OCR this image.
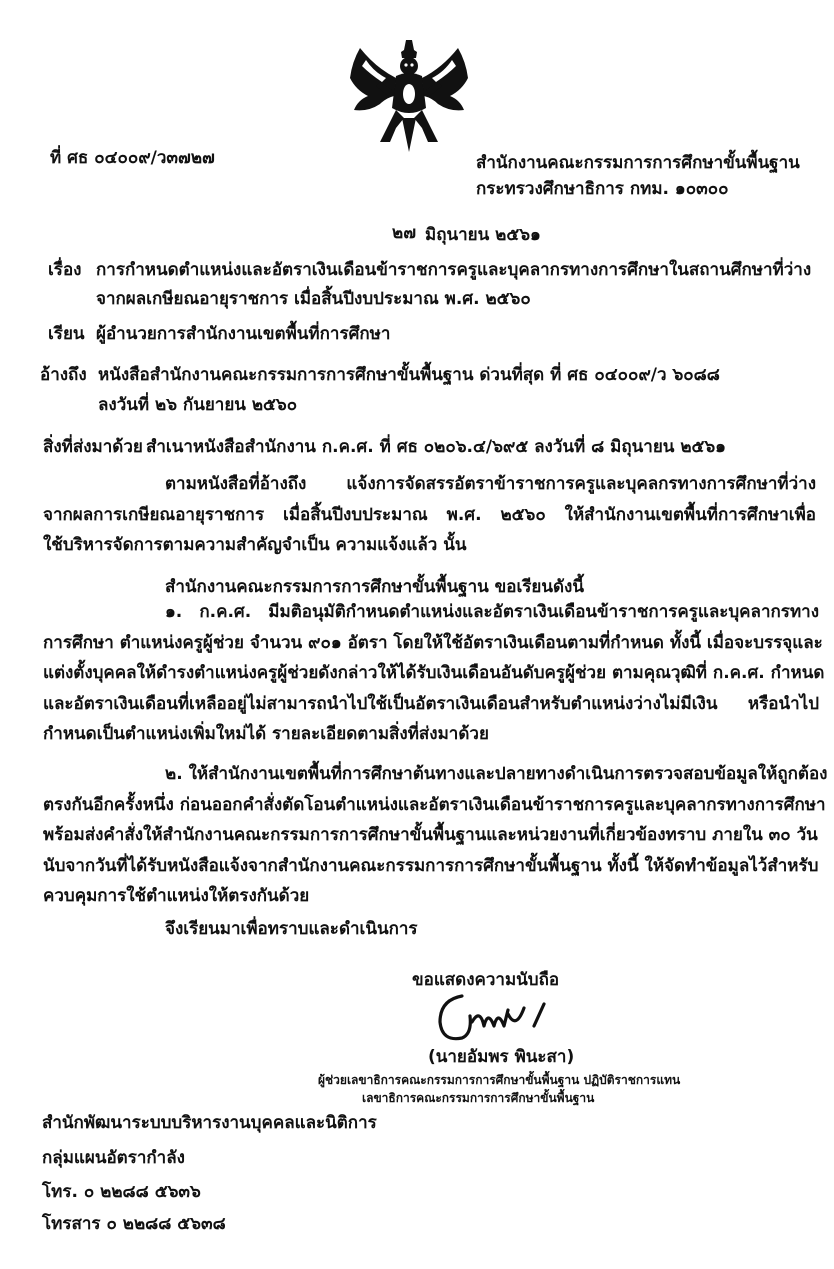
ที่ ศธ ๐๔๐๐๙/ว๓๗๒๗	สำนักงานคณะกรรมการการศึกษาขั้นพื้นฐาน
กระทรวงศึกษาธิการ กทม. ๑๐๓๐๐
๒๗ มิถุนายน ๒๕๖๑
เรื่อง การกำหนดตำแหน่งและอัตราเงินเดือนข้าราชการครูและบุคลากรทางการศึกษาในสถานศึกษาที่ว่าง
จากผลเกษียณอายุราชการ เมื่อสิ้นปีงบประมาณ พ.ศ. ๒๕๖๐
เรียน ผู้อำนวยการสำนักงานเขตพื้นที่การศึกษา
อ้างถึง หนังสือสำนักงานคณะกรรมการการศึกษาขั้นพื้นฐาน ด่วนที่สุด ที่ ศธ ๐๔๐๐๙/ว ๖๐๘๘
ลงวันที่ ๒๖ กันยายน ๒๕๖๐
สิ่งที่ส่งมาด้วย สำเนาหนังสือสำนักงาน ก.ค.ศ. ที่ ศธ ๐๒๐๖.๔/๖๙๕ ลงวันที่ ๘ มิถุนายน ๒๕๖๑
ตามหนังสือที่อ้างถึง แจ้งการจัดสรรอัตราข้าราชการครูและบุคลกรทางการศึกษาที่ว่าง
จากผลการเกษียณอายุราชการ เมื่อสิ้นปีงบประมาณ พ.ศ. ๒๕๖๐ ให้สำนักงานเขตพื้นที่การศึกษาเพื่อ
ใช้บริหารจัดการตามความสำคัญจำเป็น ความแจ้งแล้ว นั้น
สำนักงานคณะกรรมการการศึกษาขั้นพื้นฐาน ขอเรียนดังนี้
๑. ก.ค.ศ. มีมติอนุมัติกำหนดตำแหน่งและอัตราเงินเดือนข้าราชการครูและบุคลากรทาง
การศึกษา ตำแหน่งครูผู้ช่วย จำนวน ๙๐๑ อัตรา โดยให้ใช้อัตราเงินเดือนตามที่กำหนด ทั้งนี้ เมื่อจะบรรจุและ
แต่งตั้งบุคคลให้ดำรงตำแหน่งครูผู้ช่วยดังกล่าวให้ได้รับเงินเดือนอันดับครูผู้ช่วย ตามคุณวุฒิที่ ก.ค.ศ. กำหนด
และอัตราเงินเดือนที่เหลืออยู่ไม่สามารถนำไปใช้เป็นอัตราเงินเดือนสำหรับตำแหน่งว่างไม่มีเงิน หรือนำไป
กำหนดเป็นตำแหน่งเพิ่มใหม่ได้ รายละเอียดตามสิ่งที่ส่งมาด้วย
๒. ให้สำนักงานเขตพื้นที่การศึกษาต้นทางและปลายทางดำเนินการตรวจสอบข้อมูลให้ถูกต้อง
ตรงกันอีกครั้งหนึ่ง ก่อนออกคำสั่งตัดโอนตำแหน่งและอัตราเงินเดือนข้าราชการครูและบุคลากรทางการศึกษา
พร้อมส่งคำสั่งให้สำนักงานคณะกรรมการการศึกษาขั้นพื้นฐานและหน่วยงานที่เกี่ยวข้องทราบ ภายใน ๓๐ วัน
นับจากวันที่ได้รับหนังสือแจ้งจากสำนักงานคณะกรรมการการศึกษาขั้นพื้นฐาน ทั้งนี้ ให้จัดทำข้อมูลไว้สำหรับ
ควบคุมการใช้ตำแหน่งให้ตรงกันด้วย
จึงเรียนมาเพื่อทราบและดำเนินการ
ขอแสดงความนับถือ
(นายอัมพร พินะสา)
ผู้ช่วยเลขาธิการคณะกรรมการการศึกษาขั้นพื้นฐาน ปฏิบัติราชการแทน
เลขาธิการคณะกรรมการการศึกษาขั้นพื้นฐาน
สำนักพัฒนาระบบบริหารงานบุคคลและนิติการ
กลุ่มแผนอัตรากำลัง
โทร. ๐ ๒๒๘๘ ๕๖๓๖
โทรสาร ๐ ๒๒๘๘ ๕๖๓๘
